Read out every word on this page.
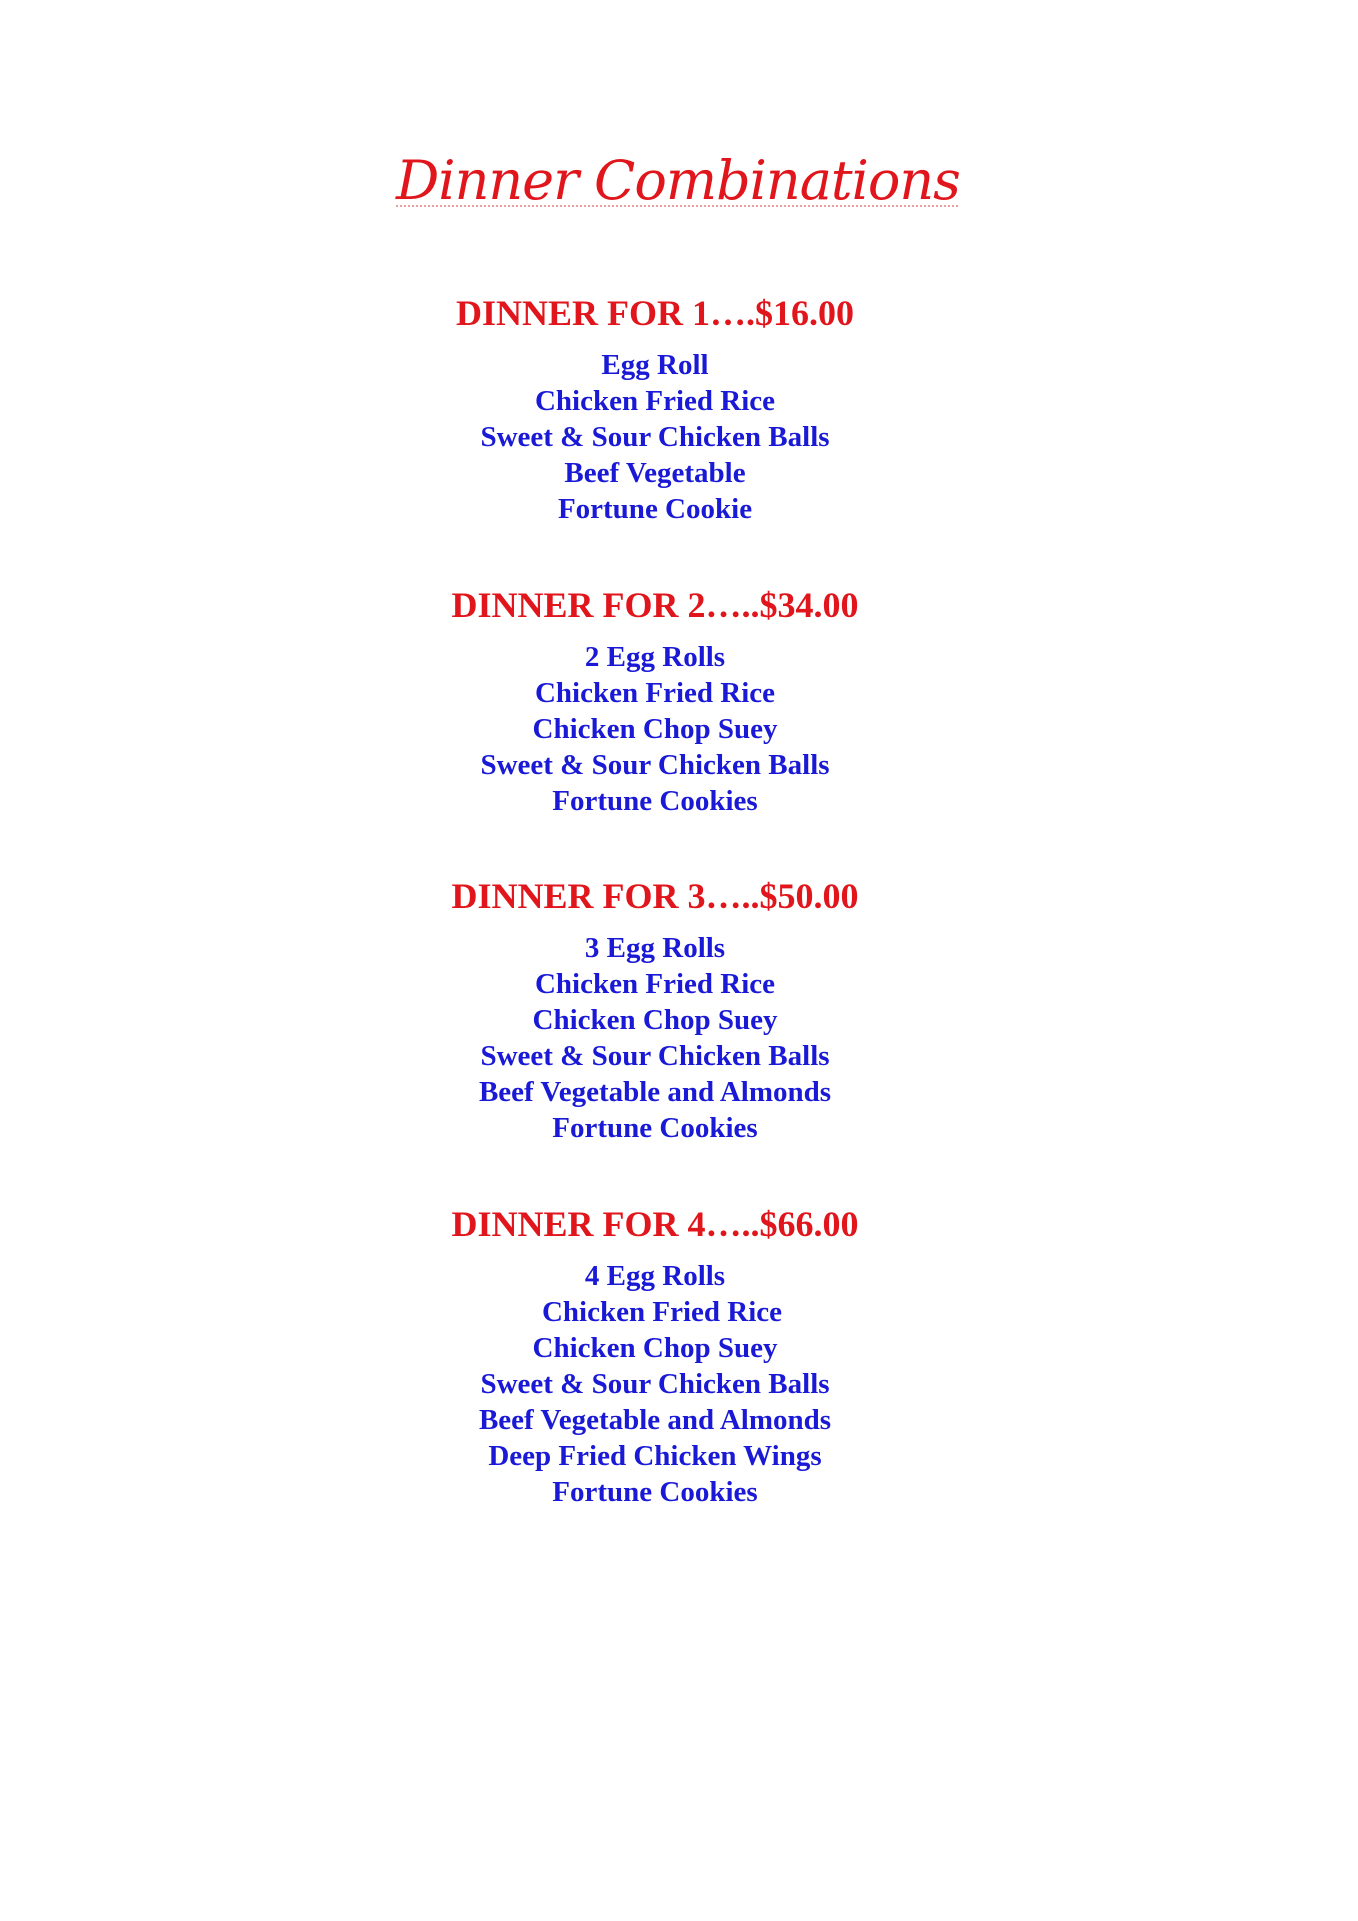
Dinner Combinations
DINNER FOR 1….$16.00
Egg Roll
Chicken Fried Rice
Sweet & Sour Chicken Balls
Beef Vegetable
Fortune Cookie
DINNER FOR 2…..$34.00
2 Egg Rolls
Chicken Fried Rice
Chicken Chop Suey
Sweet & Sour Chicken Balls
Fortune Cookies
DINNER FOR 3…..$50.00
3 Egg Rolls
Chicken Fried Rice
Chicken Chop Suey
Sweet & Sour Chicken Balls
Beef Vegetable and Almonds
Fortune Cookies
DINNER FOR 4…..$66.00
4 Egg Rolls
Chicken Fried Rice
Chicken Chop Suey
Sweet & Sour Chicken Balls
Beef Vegetable and Almonds
Deep Fried Chicken Wings
Fortune Cookies
